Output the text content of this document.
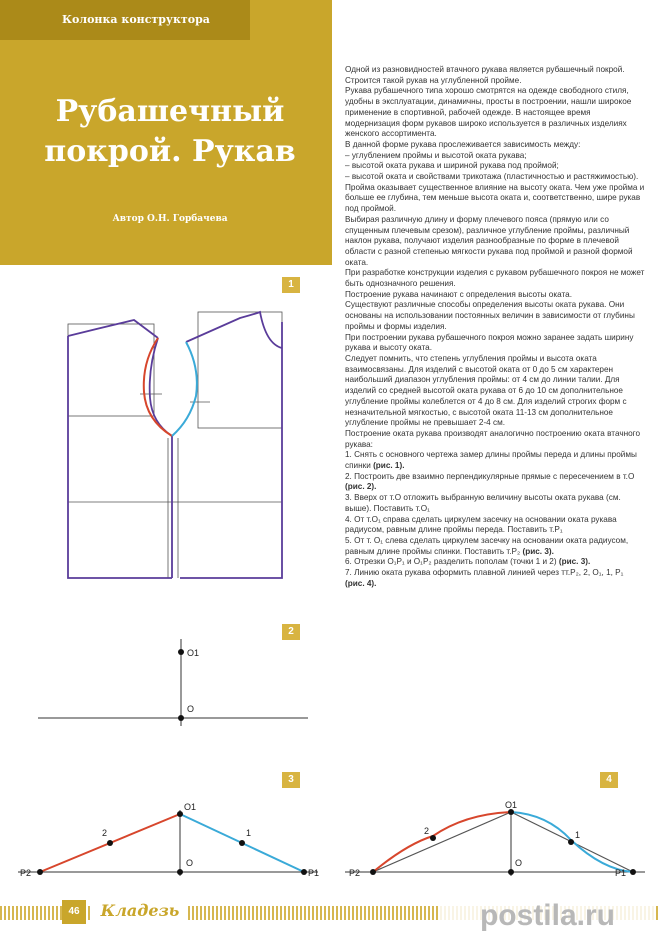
Колонка конструктора
Рубашечный
покрой. Рукав
Автор О.Н. Горбачева

Одной из разновидностей втачного рукава является рубашечный покрой. Строится такой рукав на углубленной пройме.

Рукава рубашечного типа хорошо смотрятся на одежде свободного стиля, удобны в эксплуатации, динамичны, просты в построении, нашли широкое применение в спортивной, рабочей одежде. В настоящее время модернизация форм рукавов широко используется в различных изделиях женского ассортимента.

В данной форме рукава прослеживается зависимость между:

– углублением проймы и высотой оката рукава;

– высотой оката рукава и шириной рукава под проймой;

– высотой оката и свойствами трикотажа (пластичностью и растяжимостью).

Пройма оказывает существенное влияние на высоту оката. Чем уже пройма и больше ее глубина, тем меньше высота оката и, соответственно, шире рукав под проймой.

Выбирая различную длину и форму плечевого пояса (прямую или со спущенным плечевым срезом), различное углубление проймы, различный наклон рукава, получают изделия разнообразные по форме в плечевой области с разной степенью мягкости рукава под проймой и разной формой оката.

При разработке конструкции изделия с рукавом рубашечного покроя не может быть однозначного решения.

Построение рукава начинают с определения высоты оката.

Существуют различные способы определения высоты оката рукава. Они основаны на использовании постоянных величин в зависимости от глубины проймы и формы изделия.

При построении рукава рубашечного покроя можно заранее задать ширину рукава и высоту оката.

Следует помнить, что степень углубления проймы и высота оката взаимосвязаны. Для изделий с высотой оката от 0 до 5 см характерен наибольший диапазон углубления проймы: от 4 см до линии талии. Для изделий со средней высотой оката рукава от 6 до 10 см дополнительное углубление проймы колеблется от 4 до 8 см. Для изделий строгих форм с незначительной мягкостью, с высотой оката 11-13 см дополнительное углубление проймы не превышает 2-4 см.

Построение оката рукава производят аналогично построению оката втачного рукава:

1. Снять с основного чертежа замер длины проймы переда и длины проймы спинки (рис. 1).

2. Построить две взаимно перпендикулярные прямые с пересечением в т.О (рис. 2).

3. Вверх от т.О отложить выбранную величину высоты оката рукава (см. выше). Поставить т.O₁

4. От т.O₁ справа сделать циркулем засечку на основании оката рукава радиусом, равным длине проймы переда. Поставить т.P₁

5. От т. O₁ слева сделать циркулем засечку на основании оката радиусом, равным длине проймы спинки. Поставить т.P₂ (рис. 3).

6. Отрезки O₁P₁ и O₁P₂ разделить пополам (точки 1 и 2) (рис. 3).

7. Линию оката рукава оформить плавной линией через тт.P₂, 2, O₁, 1, P₁ (рис. 4).

1
2
O1
O
3
O1
O
2	1
P2	P1
4
O1
O
2	1
P2	P1
46	Кладезь	postila.ru
